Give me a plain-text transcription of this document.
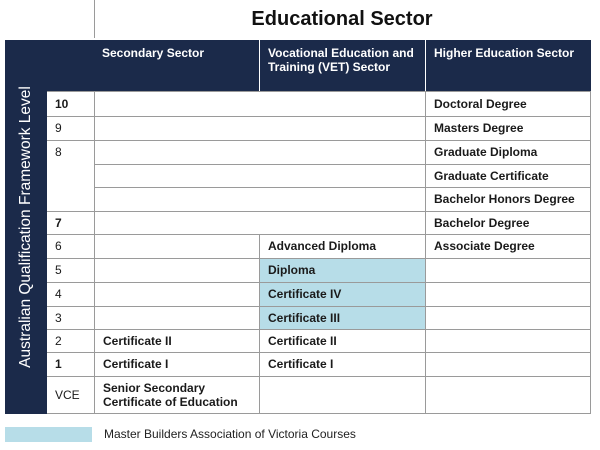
Educational Sector
Australian Qualification Framework Level
Secondary Sector	Vocational Education and Training (VET) Sector
Higher Education Sector
Diploma
Certificate IV
Certificate III
10
9
8
7
6
5
4
3
2
1
VCE
Doctoral Degree
Masters Degree
Graduate Diploma
Graduate Certificate
Bachelor Honors Degree
Bachelor Degree
Associate Degree
Advanced Diploma
Certificate II
Certificate I
Certificate II
Certificate I
Senior Secondary Certificate of Education
Master Builders Association of Victoria Courses
